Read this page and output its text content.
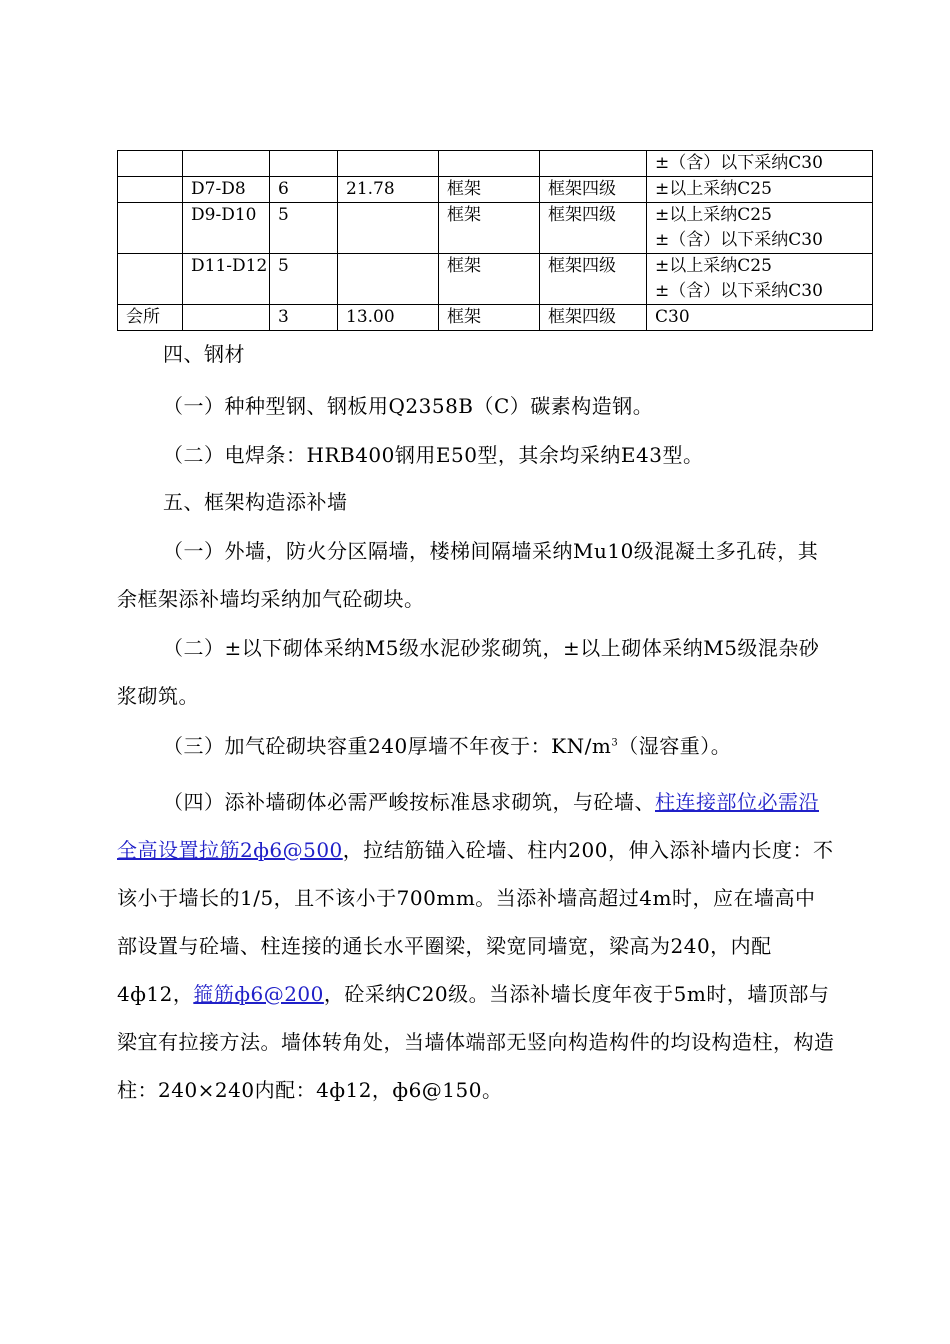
						±（含）以下采纳C30

	D7-D8	6	21.78	框架	框架四级	±以上采纳C25

	D9-D10	5		框架	框架四级	±以上采纳C25
±（含）以下采纳C30

	D11-D12	5		框架	框架四级	±以上采纳C25
±（含）以下采纳C30

会所		3	13.00	框架	框架四级	C30

四、钢材

（一）种种型钢、钢板用Q2358B（C）碳素构造钢。

（二）电焊条：HRB400钢用E50型，其余均采纳E43型。

五、框架构造添补墙

（一）外墙，防火分区隔墙，楼梯间隔墙采纳Mu10级混凝土多孔砖，其余框架添补墙均采纳加气砼砌块。

（二）±以下砌体采纳M5级水泥砂浆砌筑，±以上砌体采纳M5级混杂砂浆砌筑。

（三）加气砼砌块容重240厚墙不年夜于：$KN/m^3$（湿容重）。

（四）添补墙砌体必需严峻按标准恳求砌筑，与砼墙、柱连接部位必需沿全高设置拉筋2ф6@500，拉结筋锚入砼墙、柱内200，伸入添补墙内长度：不该小于墙长的1/5，且不该小于700mm。当添补墙高超过4m时，应在墙高中部设置与砼墙、柱连接的通长水平圈梁，梁宽同墙宽，梁高为240，内配4ф12，箍筋ф6@200，砼采纳C20级。当添补墙长度年夜于5m时，墙顶部与梁宜有拉接方法。墙体转角处，当墙体端部无竖向构造构件的均设构造柱，构造柱：240×240内配：4ф12，ф6@150。
